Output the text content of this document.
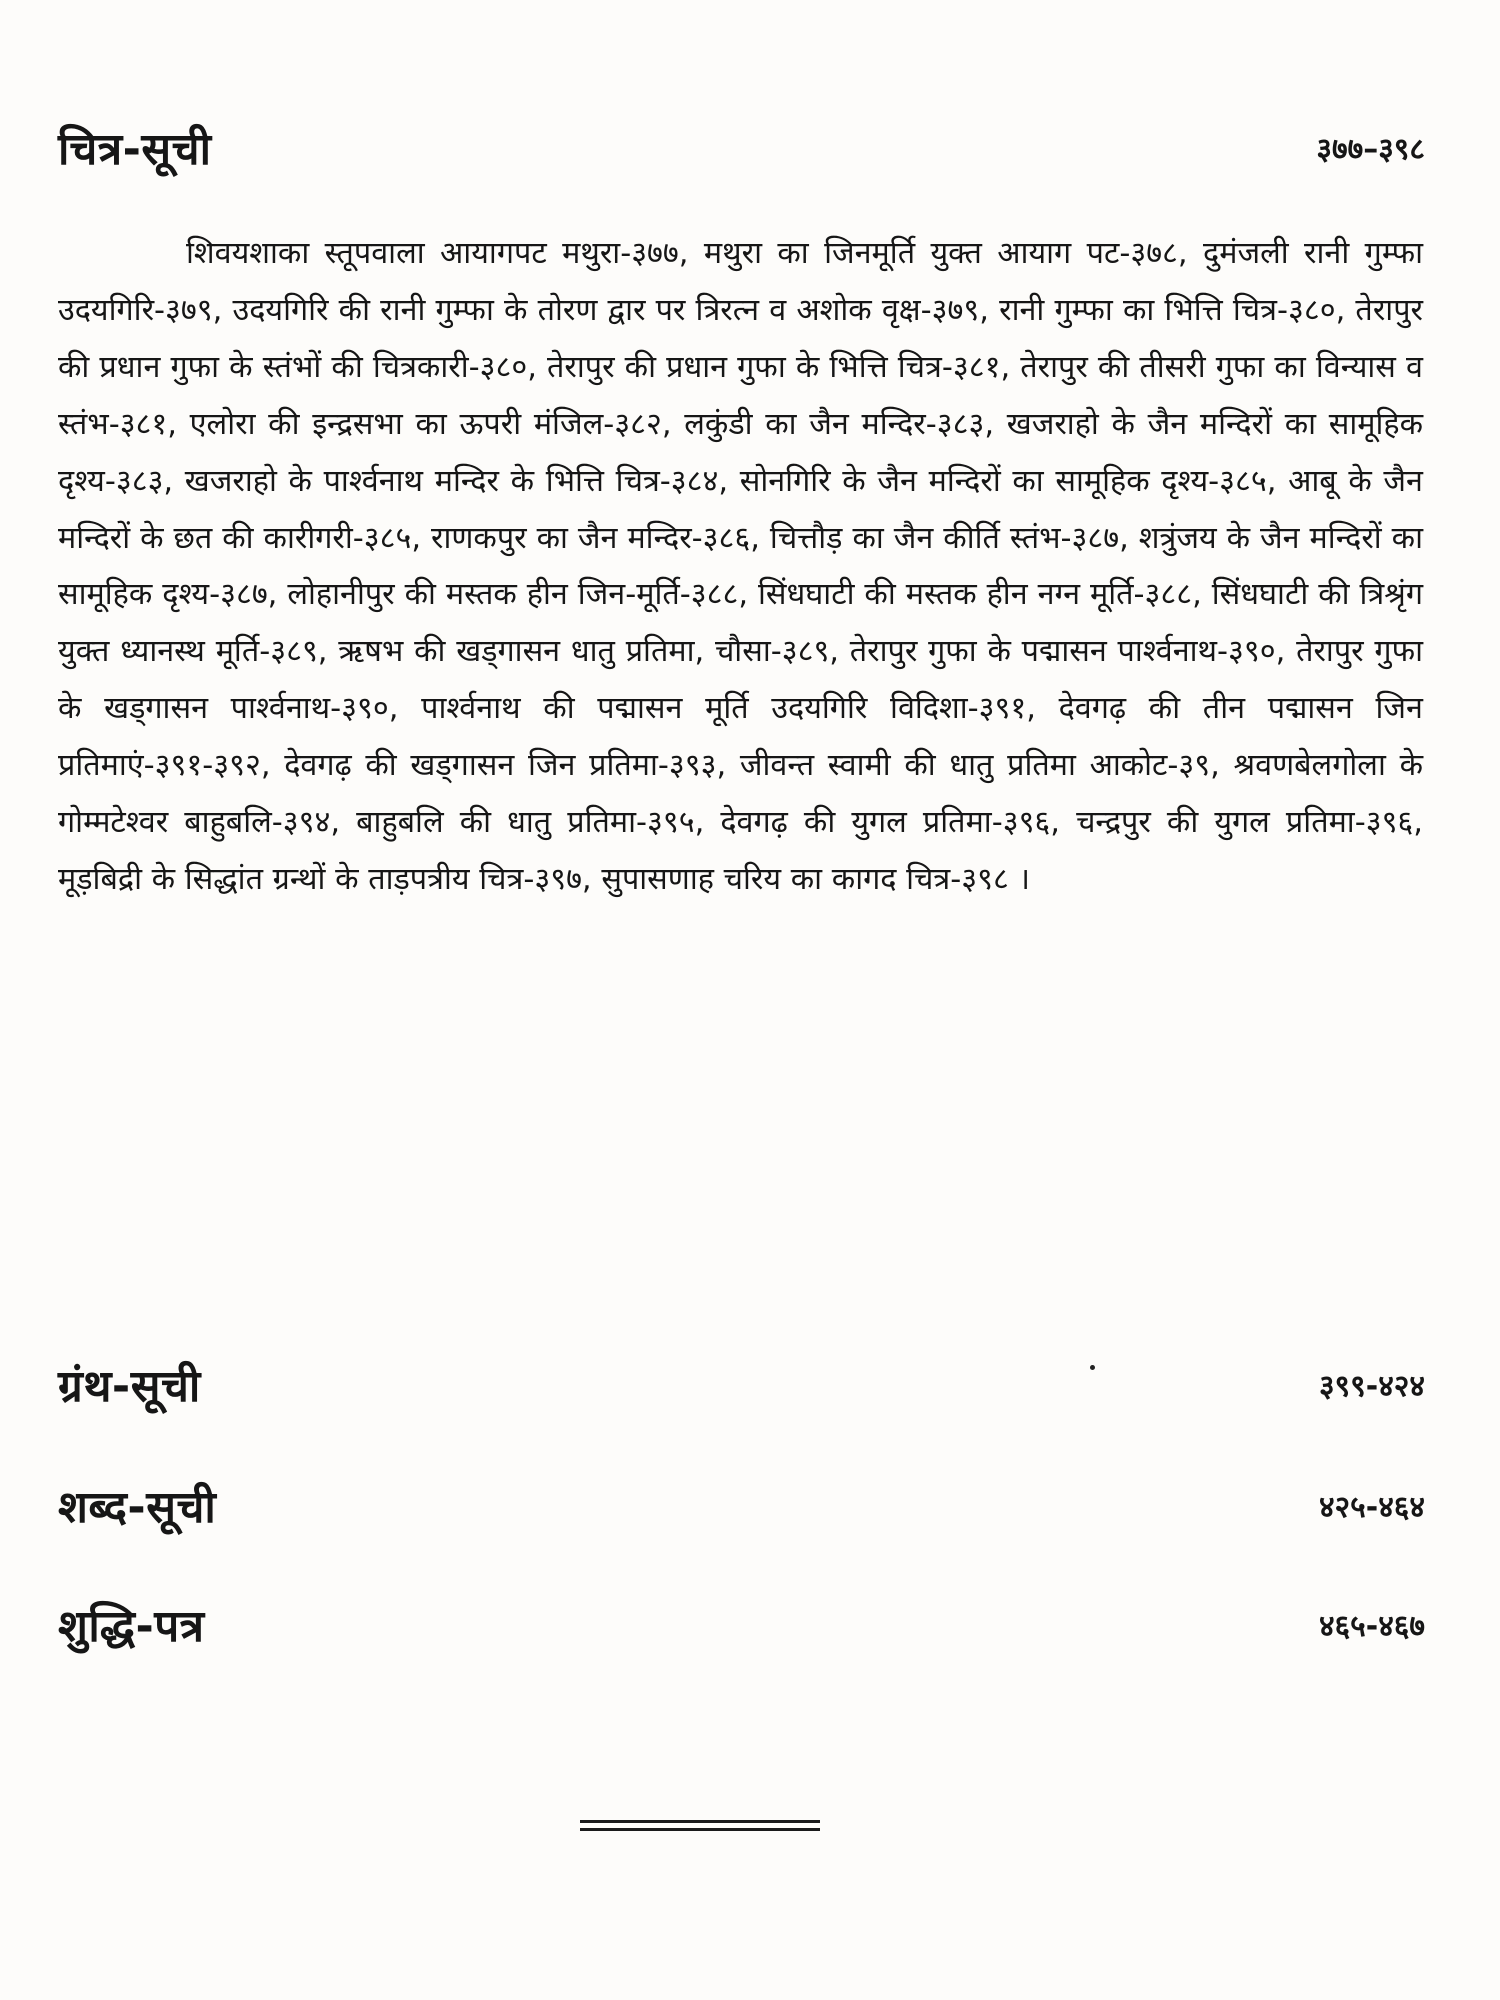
चित्र-सूची	३७७–३९८

शिवयशाका स्तूपवाला आयागपट मथुरा-३७७, मथुरा का जिनमूर्ति युक्त आयाग पट-३७८, दुमंजली रानी गुम्फा उदयगिरि-३७९, उदयगिरि की रानी गुम्फा के तोरण द्वार पर त्रिरत्न व अशोक वृक्ष-३७९, रानी गुम्फा का भित्ति चित्र-३८०, तेरापुर की प्रधान गुफा के स्तंभों की चित्रकारी-३८०, तेरापुर की प्रधान गुफा के भित्ति चित्र-३८१, तेरापुर की तीसरी गुफा का विन्यास व स्तंभ-३८१, एलोरा की इन्द्रसभा का ऊपरी मंजिल-३८२, लकुंडी का जैन मन्दिर-३८३, खजराहो के जैन मन्दिरों का सामूहिक दृश्य-३८३, खजराहो के पार्श्वनाथ मन्दिर के भित्ति चित्र-३८४, सोनगिरि के जैन मन्दिरों का सामूहिक दृश्य-३८५, आबू के जैन मन्दिरों के छत की कारीगरी-३८५, राणकपुर का जैन मन्दिर-३८६, चित्तौड़ का जैन कीर्ति स्तंभ-३८७, शत्रुंजय के जैन मन्दिरों का सामूहिक दृश्य-३८७, लोहानीपुर की मस्तक हीन जिन-मूर्ति-३८८, सिंधघाटी की मस्तक हीन नग्न मूर्ति-३८८, सिंधघाटी की त्रिश्रृंग युक्त ध्यानस्थ मूर्ति-३८९, ऋषभ की खड्गासन धातु प्रतिमा, चौसा-३८९, तेरापुर गुफा के पद्मासन पार्श्वनाथ-३९०, तेरापुर गुफा के खड्गासन पार्श्वनाथ-३९०, पार्श्वनाथ की पद्मासन मूर्ति उदयगिरि विदिशा-३९१, देवगढ़ की तीन पद्मासन जिन प्रतिमाएं-३९१-३९२, देवगढ़ की खड्गासन जिन प्रतिमा-३९३, जीवन्त स्वामी की धातु प्रतिमा आकोट-३९, श्रवणबेलगोला के गोम्मटेश्वर बाहुबलि-३९४, बाहुबलि की धातु प्रतिमा-३९५, देवगढ़ की युगल प्रतिमा-३९६, चन्द्रपुर की युगल प्रतिमा-३९६, मूड़बिद्री के सिद्धांत ग्रन्थों के ताड़पत्रीय चित्र-३९७, सुपासणाह चरिय का कागद चित्र-३९८ ।

ग्रंथ-सूची	३९९-४२४
शब्द-सूची	४२५-४६४
शुद्धि-पत्र	४६५-४६७
